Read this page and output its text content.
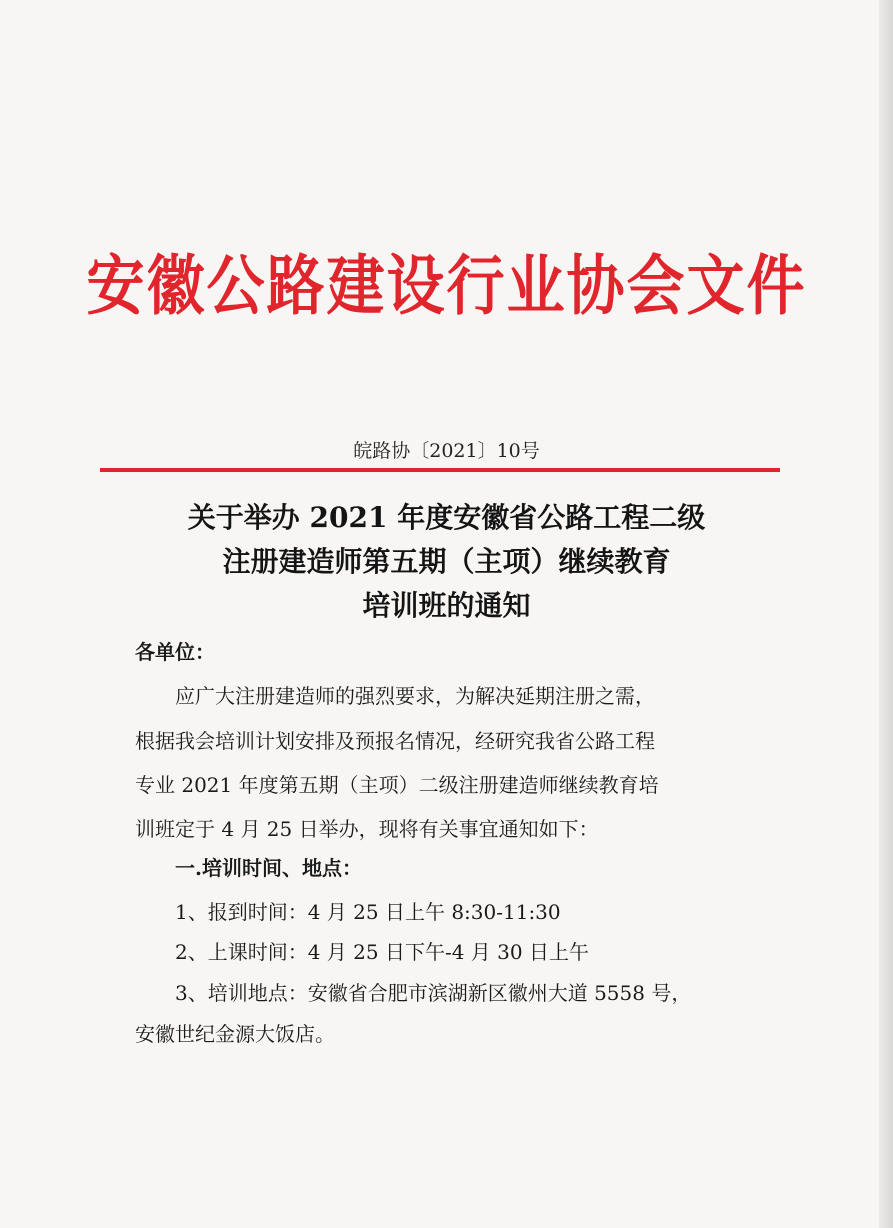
安徽公路建设行业协会文件
皖路协〔2021〕10号
关于举办 2021 年度安徽省公路工程二级
注册建造师第五期（主项）继续教育
培训班的通知
各单位：
应广大注册建造师的强烈要求，为解决延期注册之需，
根据我会培训计划安排及预报名情况，经研究我省公路工程
专业 2021 年度第五期（主项）二级注册建造师继续教育培
训班定于 4 月 25 日举办，现将有关事宜通知如下：
一.培训时间、地点：
1、报到时间：4 月 25 日上午 8:30-11:30
2、上课时间：4 月 25 日下午-4 月 30 日上午
3、培训地点：安徽省合肥市滨湖新区徽州大道 5558 号，
安徽世纪金源大饭店。
